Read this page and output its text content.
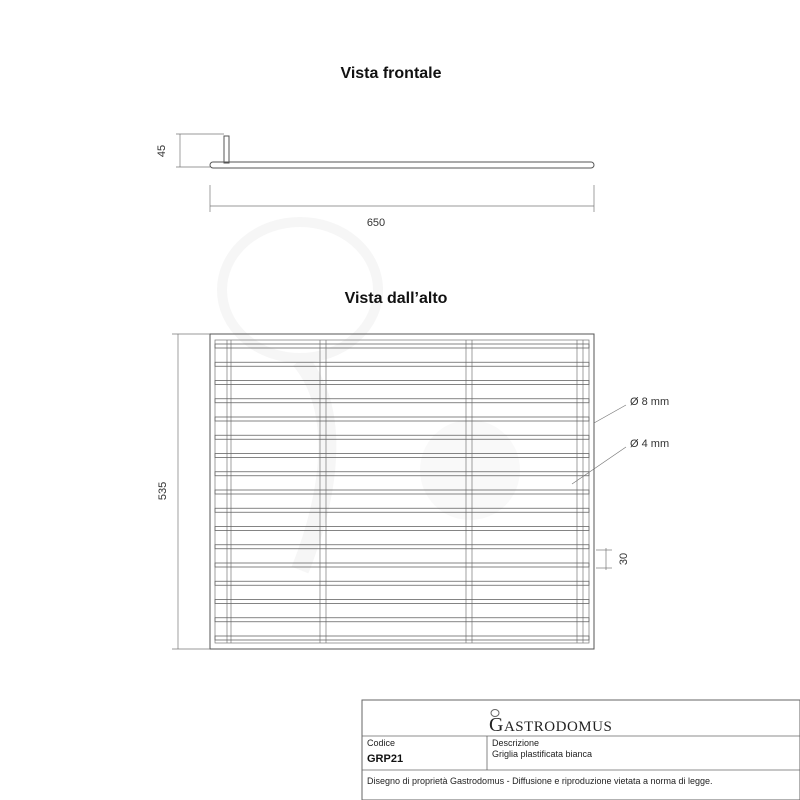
Vista frontale
45
650
Vista dall’alto
535
Ø 8 mm
Ø 4 mm
30
GASTRODOMUS
Codice
GRP21
Descrizione
Griglia plastificata bianca
Disegno di proprietà Gastrodomus - Diffusione e riproduzione vietata a norma di legge.
